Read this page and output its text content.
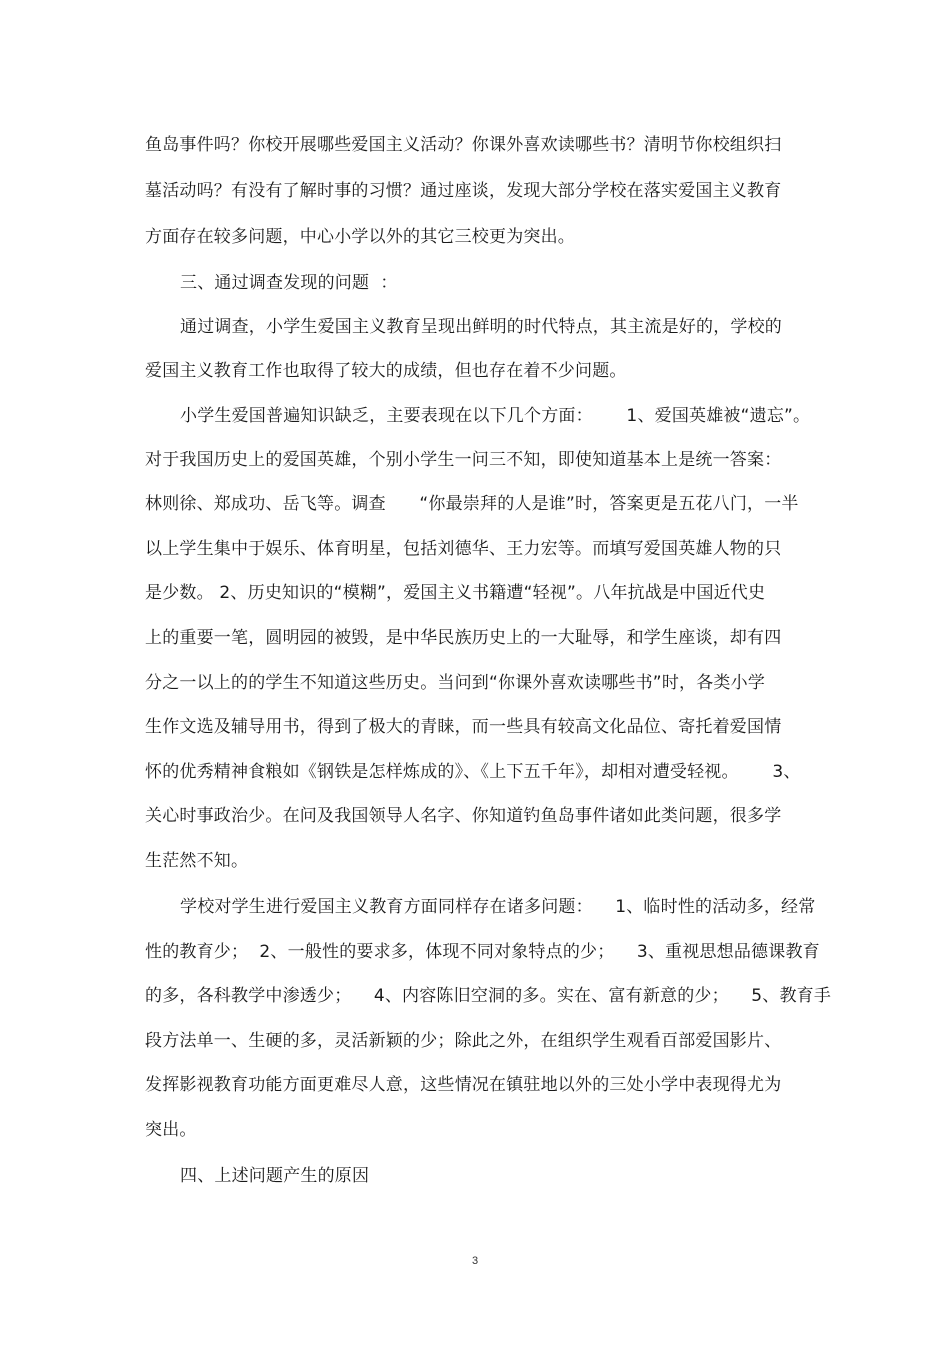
鱼岛事件吗？你校开展哪些爱国主义活动？你课外喜欢读哪些书？清明节你校组织扫
墓活动吗？有没有了解时事的习惯？通过座谈，发现大部分学校在落实爱国主义教育
方面存在较多问题，中心小学以外的其它三校更为突出。
三、通过调查发现的问题  ：
通过调查，小学生爱国主义教育呈现出鲜明的时代特点，其主流是好的，学校的
爱国主义教育工作也取得了较大的成绩，但也存在着不少问题。
小学生爱国普遍知识缺乏，主要表现在以下几个方面：      1、爱国英雄被“遗忘”。
对于我国历史上的爱国英雄，个别小学生一问三不知，即使知道基本上是统一答案：
林则徐、郑成功、岳飞等。调查      “你最崇拜的人是谁”时，答案更是五花八门，一半
以上学生集中于娱乐、体育明星，包括刘德华、王力宏等。而填写爱国英雄人物的只
是少数。 2、历史知识的“模糊”，爱国主义书籍遭“轻视”。八年抗战是中国近代史
上的重要一笔，圆明园的被毁，是中华民族历史上的一大耻辱，和学生座谈，却有四
分之一以上的的学生不知道这些历史。当问到“你课外喜欢读哪些书”时，各类小学
生作文选及辅导用书，得到了极大的青睐，而一些具有较高文化品位、寄托着爱国情
怀的优秀精神食粮如《钢铁是怎样炼成的》、《上下五千年》，却相对遭受轻视。      3、
关心时事政治少。在问及我国领导人名字、你知道钓鱼岛事件诸如此类问题，很多学
生茫然不知。
学校对学生进行爱国主义教育方面同样存在诸多问题：    1、临时性的活动多，经常
性的教育少；  2、一般性的要求多，体现不同对象特点的少；    3、重视思想品德课教育
的多，各科教学中渗透少；    4、内容陈旧空洞的多。实在、富有新意的少；    5、教育手
段方法单一、生硬的多，灵活新颖的少；除此之外，在组织学生观看百部爱国影片、
发挥影视教育功能方面更难尽人意，这些情况在镇驻地以外的三处小学中表现得尤为
突出。
四、上述问题产生的原因
3
